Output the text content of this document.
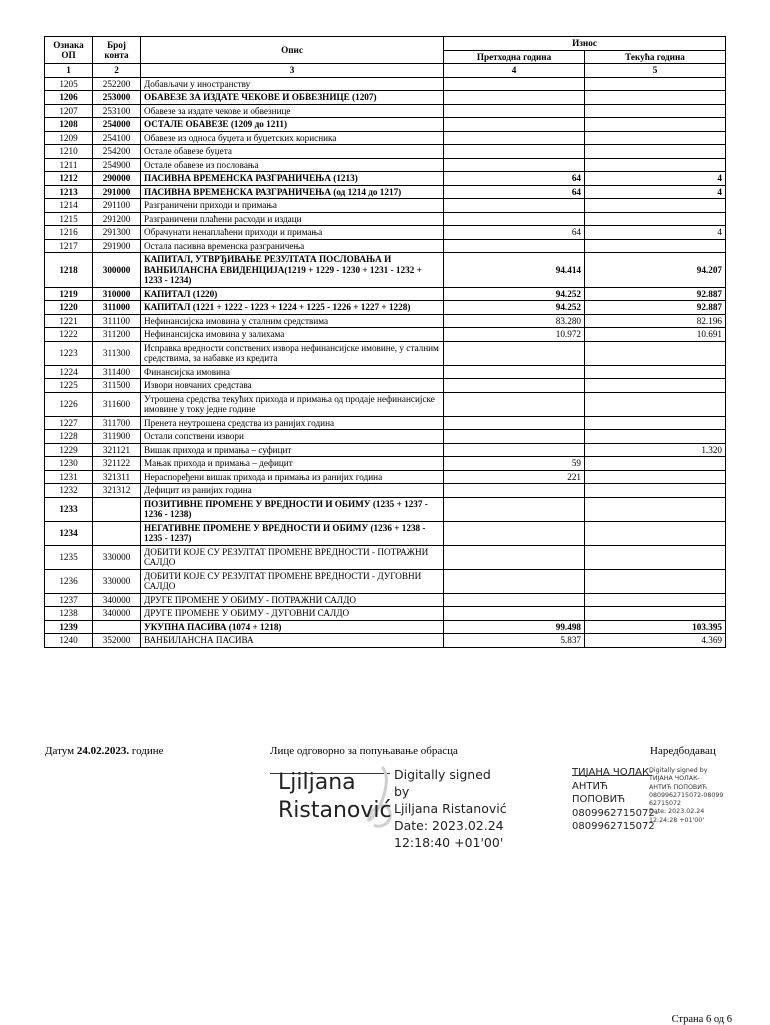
Ознака ОП	Број конта	Опис	Износ	
			Претходна година	Текућа година
1	2	3	4	5
1205	252200	Добављачи у иностранству		
1206	253000	ОБАВЕЗЕ ЗА ИЗДАТЕ ЧЕКОВЕ И ОБВЕЗНИЦЕ (1207)		
1207	253100	Обавезе за издате чекове и обвезнице		
1208	254000	ОСТАЛЕ ОБАВЕЗЕ (1209 до 1211)		
1209	254100	Обавезе из односа буџета и буџетских корисника		
1210	254200	Остале обавезе буџета		
1211	254900	Остале обавезе из пословања		
1212	290000	ПАСИВНА ВРЕМЕНСКА РАЗГРАНИЧЕЊА (1213)	64	4
1213	291000	ПАСИВНА ВРЕМЕНСКА РАЗГРАНИЧЕЊА (од 1214 до 1217)	64	4
1214	291100	Разграничени приходи и примања		
1215	291200	Разграничени плаћени расходи и издаци		
1216	291300	Обрачунати ненаплаћени приходи и примања	64	4
1217	291900	Остала пасивна временска разграничења		
1218	300000	КАПИТАЛ, УТВРЂИВАЊЕ РЕЗУЛТАТА ПОСЛОВАЊА И ВАНБИЛАНСНА ЕВИДЕНЦИЈА(1219 + 1229 - 1230 + 1231 - 1232 + 1233 - 1234)	94.414	94.207
1219	310000	КАПИТАЛ (1220)	94.252	92.887
1220	311000	КАПИТАЛ (1221 + 1222 - 1223 + 1224 + 1225 - 1226 + 1227 + 1228)	94.252	92.887
1221	311100	Нефинансијска имовина у сталним средствима	83.280	82.196
1222	311200	Нефинансијска имовина у залихама	10.972	10.691
1223	311300	Исправка вредности сопствених извора нефинансијске имовине, у сталним средствима, за набавке из кредита		
1224	311400	Финансијска имовина		
1225	311500	Извори новчаних средстава		
1226	311600	Утрошена средства текућих прихода и примања од продаје нефинансијске имовине у току једне године		
1227	311700	Пренета неутрошена средства из ранијих година		
1228	311900	Остали сопствени извори		
1229	321121	Вишак прихода и примања – суфицит		1.320
1230	321122	Мањак прихода и примања – дефицит	59	
1231	321311	Нераспоређени вишак прихода и примања из ранијих година	221	
1232	321312	Дефицит из ранијих година		
1233		ПОЗИТИВНЕ ПРОМЕНЕ У ВРЕДНОСТИ И ОБИМУ (1235 + 1237 - 1236 - 1238)		
1234		НЕГАТИВНЕ ПРОМЕНЕ У ВРЕДНОСТИ И ОБИМУ (1236 + 1238 - 1235 - 1237)		
1235	330000	ДОБИТИ КОЈЕ СУ РЕЗУЛТАТ ПРОМЕНЕ ВРЕДНОСТИ - ПОТРАЖНИ САЛДО		
1236	330000	ДОБИТИ КОЈЕ СУ РЕЗУЛТАТ ПРОМЕНЕ ВРЕДНОСТИ - ДУГОВНИ САЛДО		
1237	340000	ДРУГЕ ПРОМЕНЕ У ОБИМУ - ПОТРАЖНИ САЛДО		
1238	340000	ДРУГЕ ПРОМЕНЕ У ОБИМУ - ДУГОВНИ САЛДО		
1239		УКУПНА ПАСИВА (1074 + 1218)	99.498	103.395
1240	352000	ВАНБИЛАНСНА ПАСИВА	5.837	4.369
Датум 24.02.2023. године	Лице одговорно за попуњавање обрасца	Наредбодавац
Ljiljana
Ristanović
Digitally signed by
Ljiljana Ristanović
Date: 2023.02.24
12:18:40 +01'00'
ТИЈАНА ЧОЛАК-
АНТИЋ
ПОПОВИЋ
0809962715072-
0809962715072
Digitally signed by
ТИЈАНА ЧОЛАК-
АНТИЋ ПОПОВИЋ
0809962715072-08099
62715072
Date: 2023.02.24
12:24:28 +01'00'
Страна 6 од 6
